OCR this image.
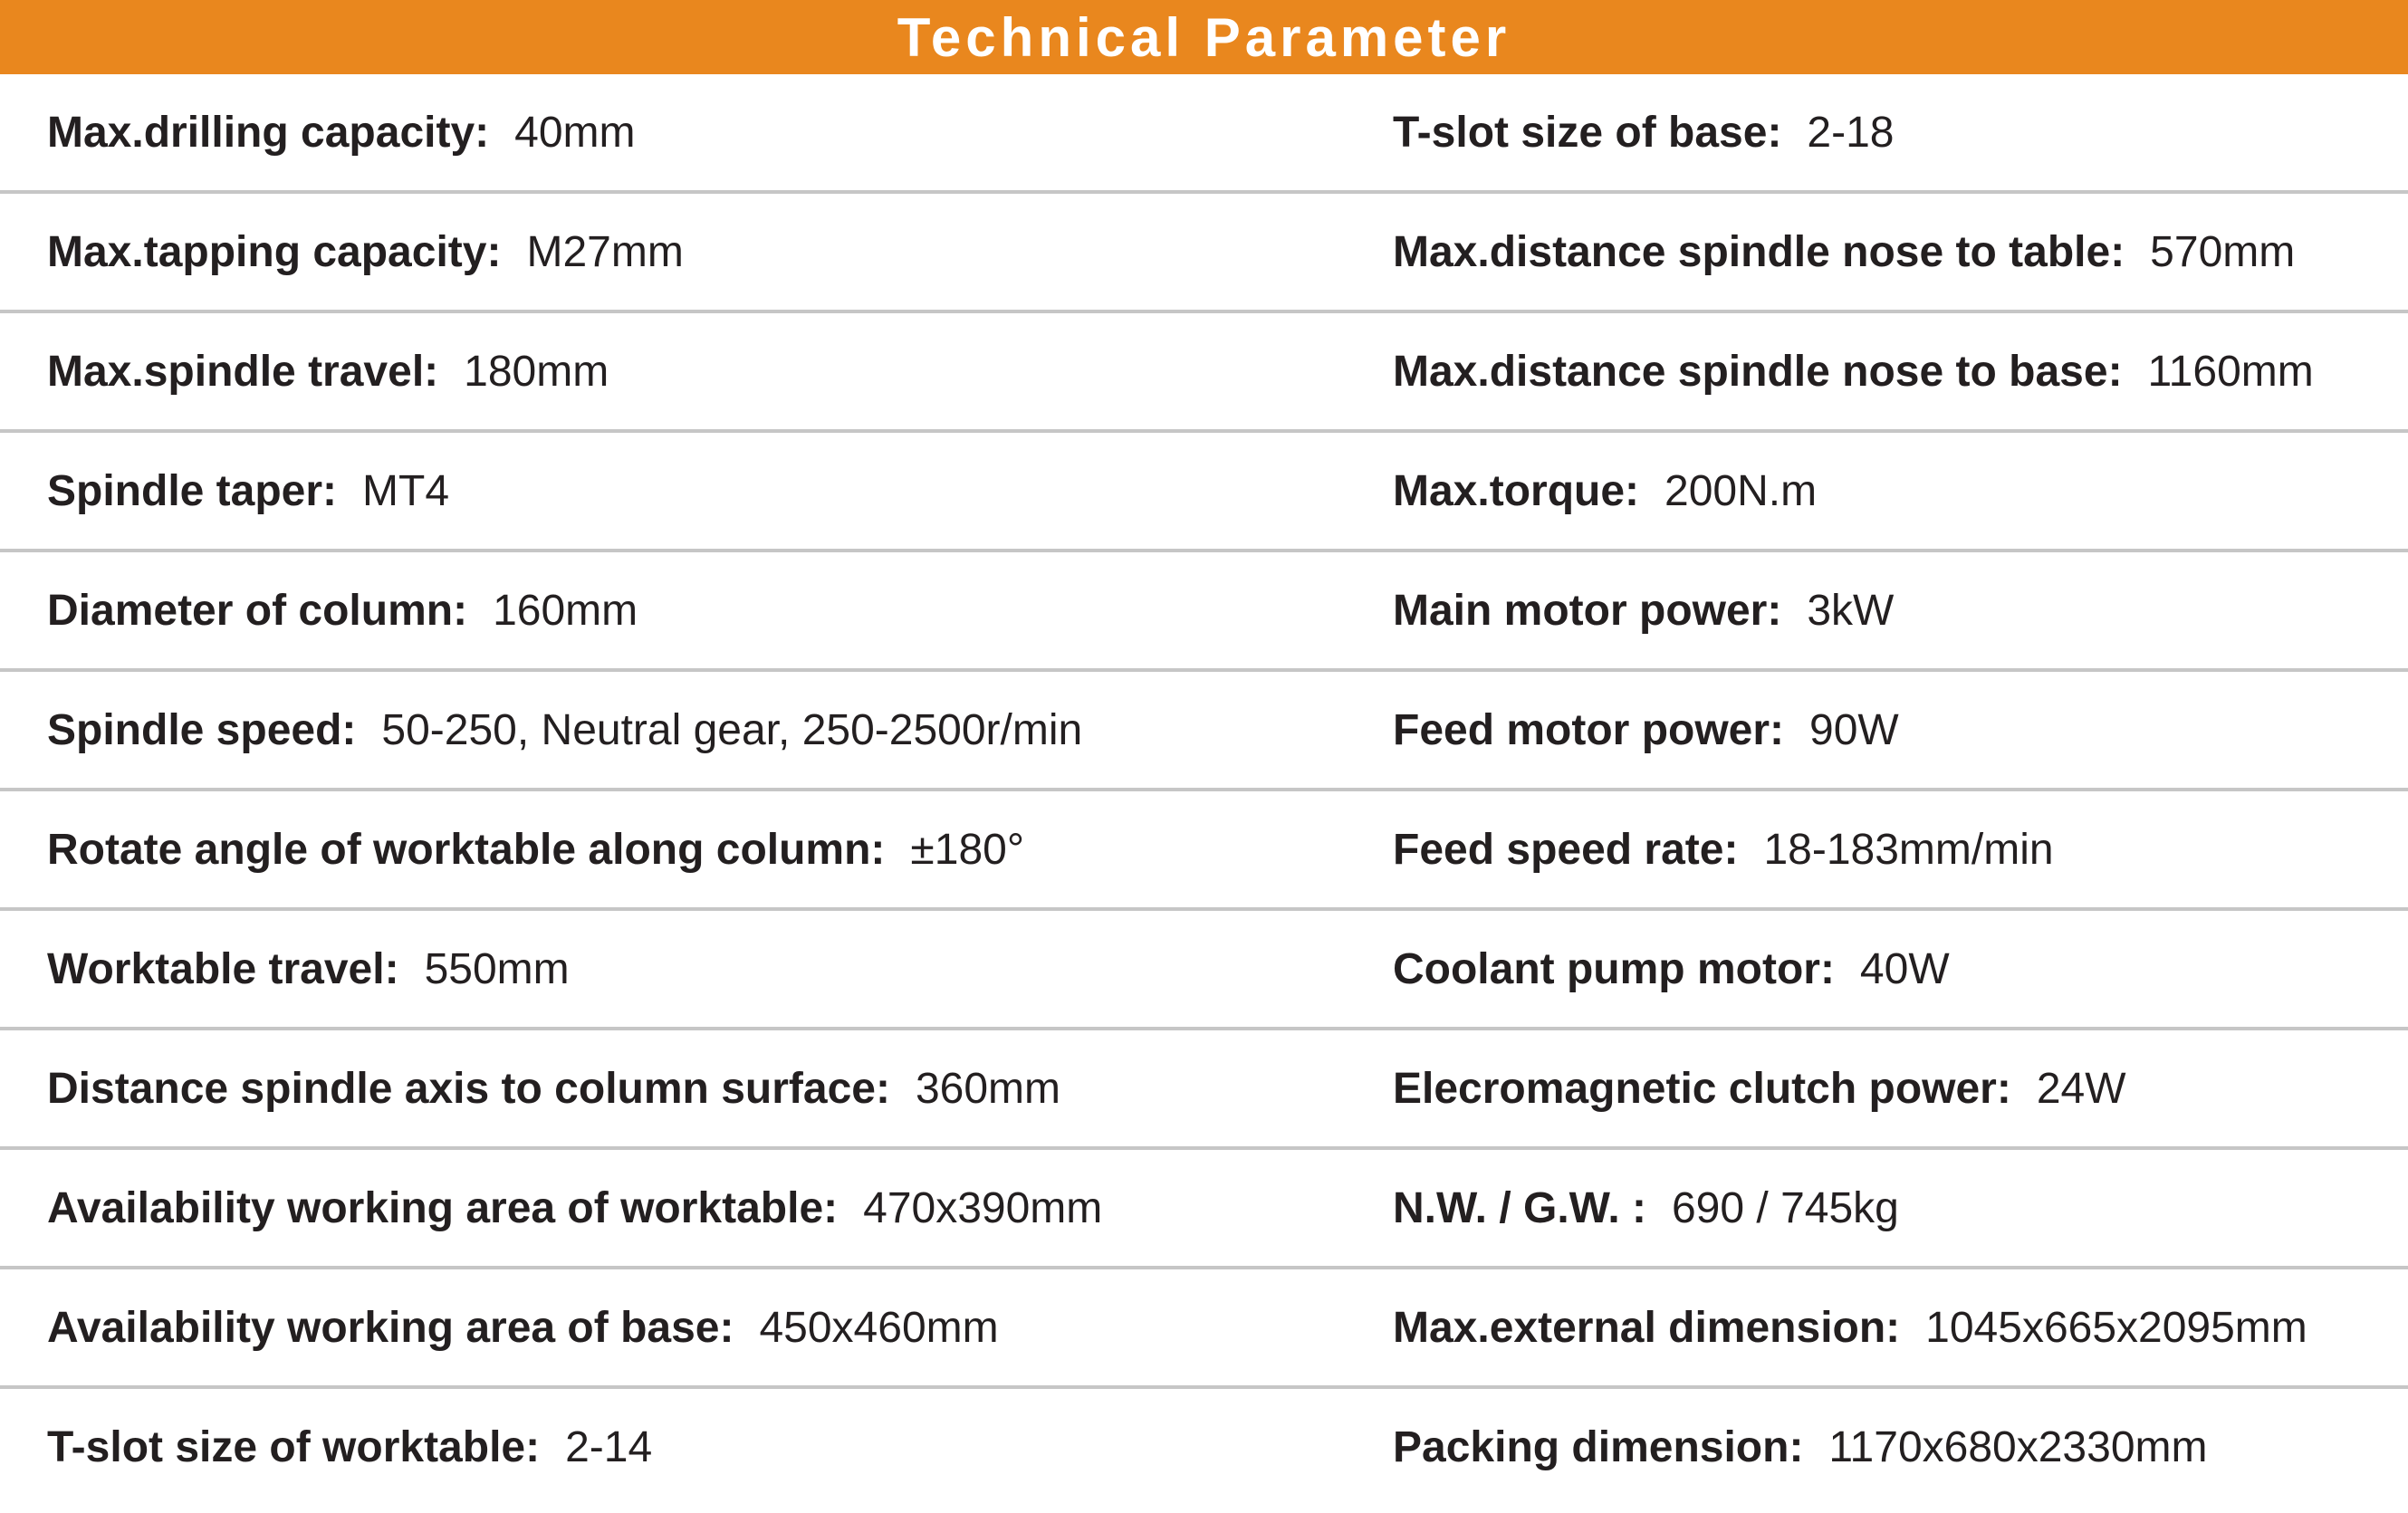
Technical Parameter
Max.drilling capacity: 40mm	T-slot size of base: 2-18
Max.tapping capacity: M27mm	Max.distance spindle nose to table: 570mm
Max.spindle travel: 180mm	Max.distance spindle nose to base: 1160mm
Spindle taper: MT4	Max.torque: 200N.m
Diameter of column: 160mm	Main motor power: 3kW
Spindle speed: 50-250, Neutral gear, 250-2500r/min	Feed motor power: 90W
Rotate angle of worktable along column: ±180°	Feed speed rate: 18-183mm/min
Worktable travel: 550mm	Coolant pump motor: 40W
Distance spindle axis to column surface: 360mm	Elecromagnetic clutch power: 24W
Availability working area of worktable: 470x390mm	N.W. / G.W. : 690 / 745kg
Availability working area of base: 450x460mm	Max.external dimension: 1045x665x2095mm
T-slot size of worktable: 2-14	Packing dimension: 1170x680x2330mm
